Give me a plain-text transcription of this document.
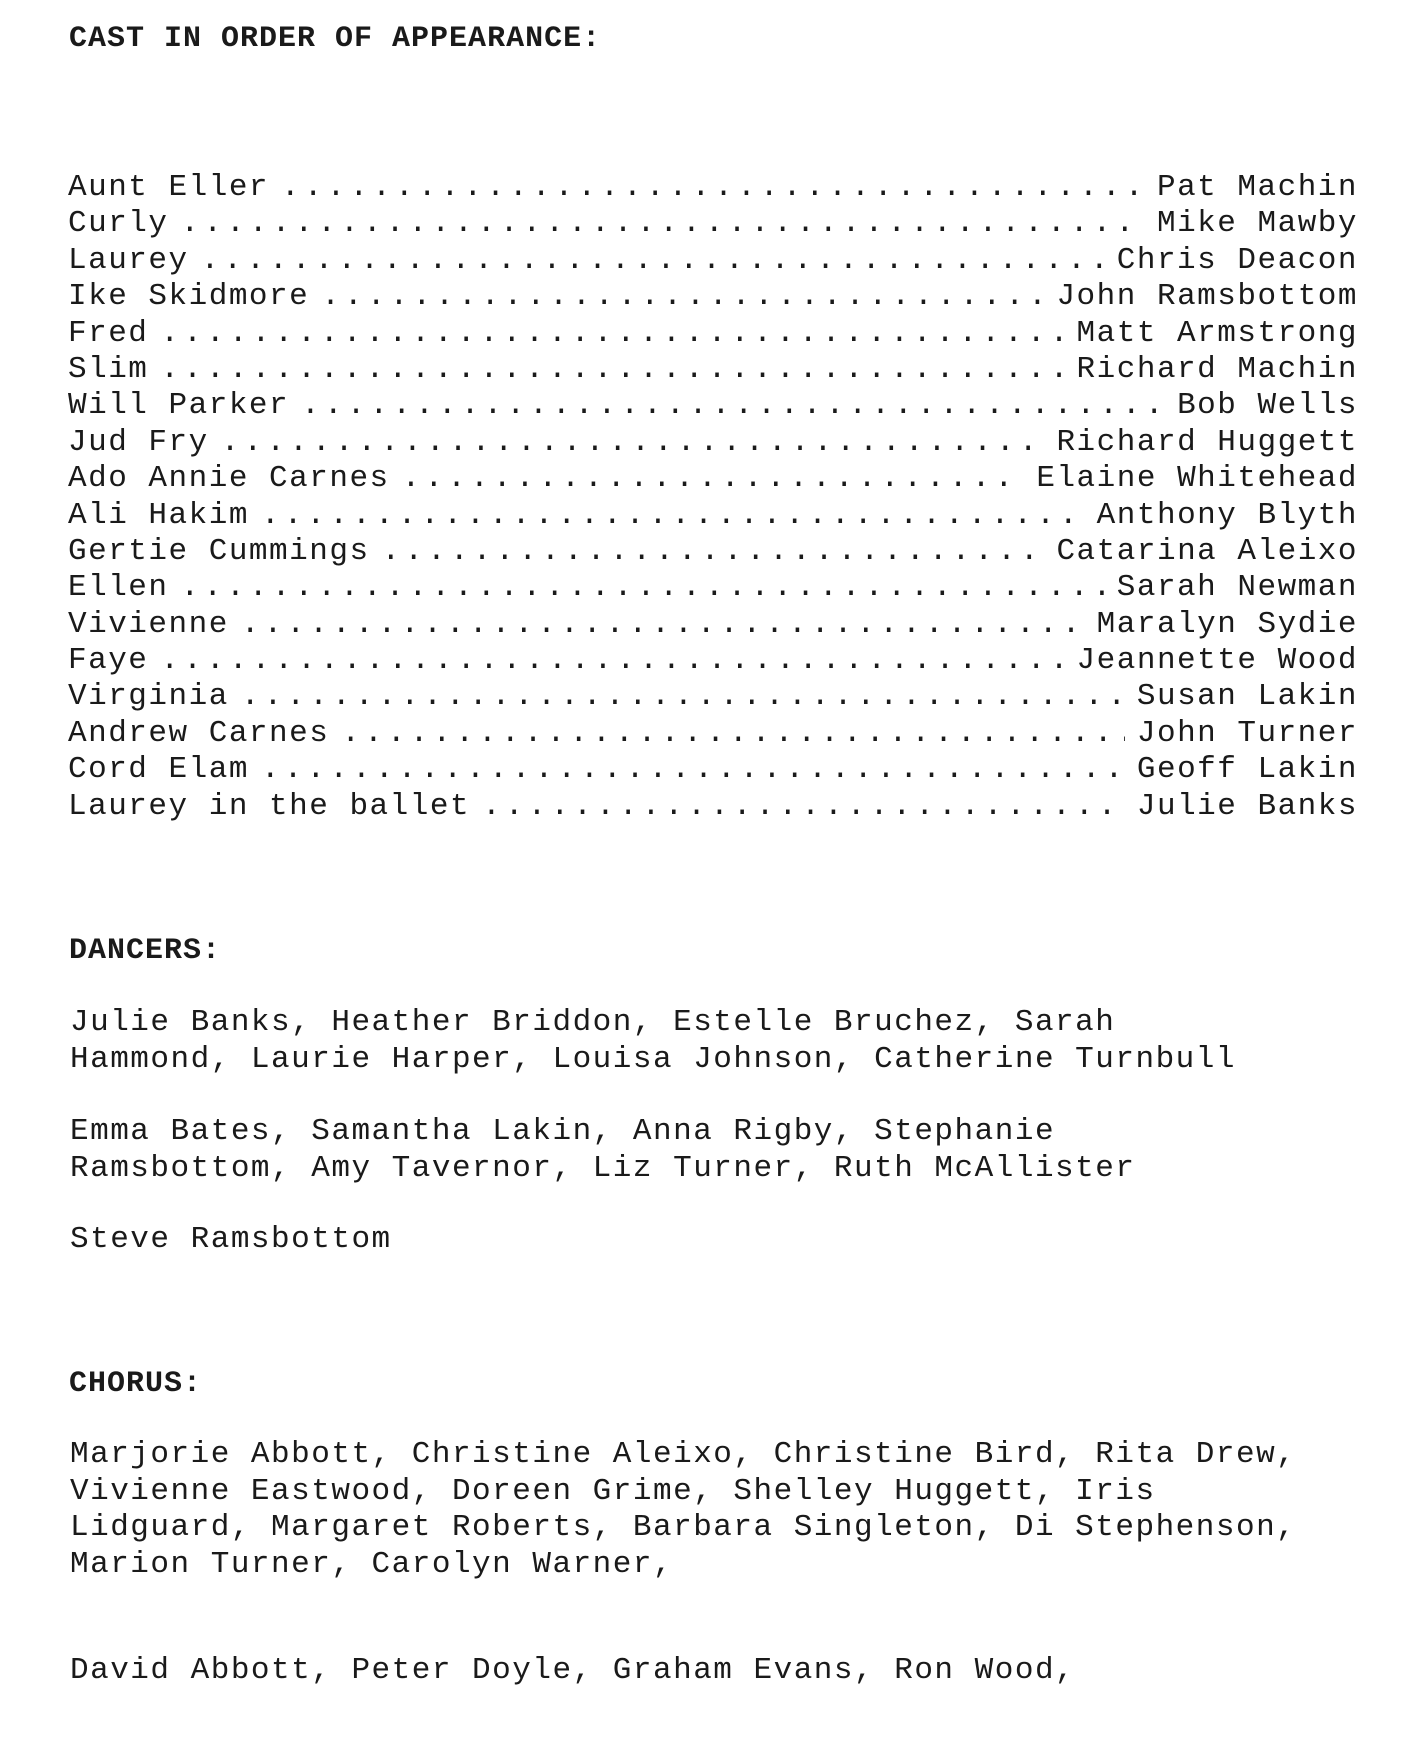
CAST IN ORDER OF APPEARANCE:
Aunt Eller .....	Pat Machin
Curly .....	Mike Mawby
Laurey .....	Chris Deacon
Ike Skidmore .....	John Ramsbottom
Fred .....	Matt Armstrong
Slim .....	Richard Machin
Will Parker .....	Bob Wells
Jud Fry .....	Richard Huggett
Ado Annie Carnes .....	Elaine Whitehead
Ali Hakim .....	Anthony Blyth
Gertie Cummings .....	Catarina Aleixo
Ellen .....	Sarah Newman
Vivienne .....	Maralyn Sydie
Faye .....	Jeannette Wood
Virginia .....	Susan Lakin
Andrew Carnes .....	John Turner
Cord Elam .....	Geoff Lakin
Laurey in the ballet .....	Julie Banks
DANCERS:
Julie Banks, Heather Briddon, Estelle Bruchez, Sarah
Hammond, Laurie Harper, Louisa Johnson, Catherine Turnbull
Emma Bates, Samantha Lakin, Anna Rigby, Stephanie
Ramsbottom, Amy Tavernor, Liz Turner, Ruth McAllister
Steve Ramsbottom
CHORUS:
Marjorie Abbott, Christine Aleixo, Christine Bird, Rita Drew,
Vivienne Eastwood, Doreen Grime, Shelley Huggett, Iris
Lidguard, Margaret Roberts, Barbara Singleton, Di Stephenson,
Marion Turner, Carolyn Warner,
David Abbott, Peter Doyle, Graham Evans, Ron Wood,
